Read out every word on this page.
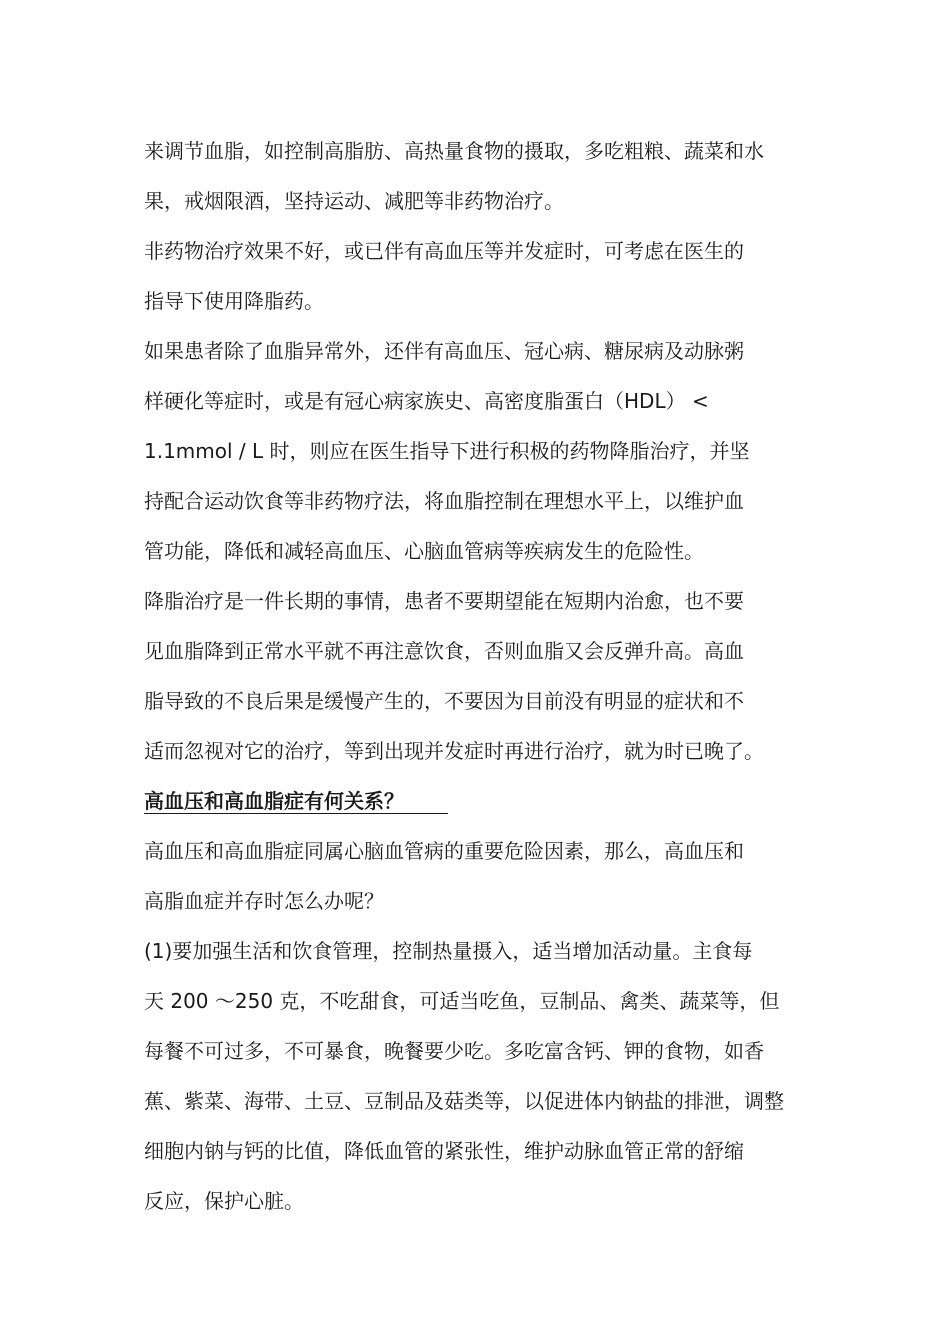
来调节血脂，如控制高脂肪、高热量食物的摄取，多吃粗粮、蔬菜和水
果，戒烟限酒，坚持运动、减肥等非药物治疗。
非药物治疗效果不好，或已伴有高血压等并发症时，可考虑在医生的
指导下使用降脂药。
如果患者除了血脂异常外，还伴有高血压、冠心病、糖尿病及动脉粥
样硬化等症时，或是有冠心病家族史、高密度脂蛋白（HDL） <
1.1mmol / L 时，则应在医生指导下进行积极的药物降脂治疗，并坚
持配合运动饮食等非药物疗法，将血脂控制在理想水平上，以维护血
管功能，降低和减轻高血压、心脑血管病等疾病发生的危险性。
降脂治疗是一件长期的事情，患者不要期望能在短期内治愈，也不要
见血脂降到正常水平就不再注意饮食，否则血脂又会反弹升高。高血
脂导致的不良后果是缓慢产生的，不要因为目前没有明显的症状和不
适而忽视对它的治疗，等到出现并发症时再进行治疗，就为时已晚了。
高血压和高血脂症有何关系？
高血压和高血脂症同属心脑血管病的重要危险因素，那么，高血压和
高脂血症并存时怎么办呢？
(1)要加强生活和饮食管理，控制热量摄入，适当增加活动量。主食每
天 200 ～250 克，不吃甜食，可适当吃鱼，豆制品、禽类、蔬菜等，但
每餐不可过多，不可暴食，晚餐要少吃。多吃富含钙、钾的食物，如香
蕉、紫菜、海带、土豆、豆制品及菇类等，以促进体内钠盐的排泄，调整
细胞内钠与钙的比值，降低血管的紧张性，维护动脉血管正常的舒缩
反应，保护心脏。
